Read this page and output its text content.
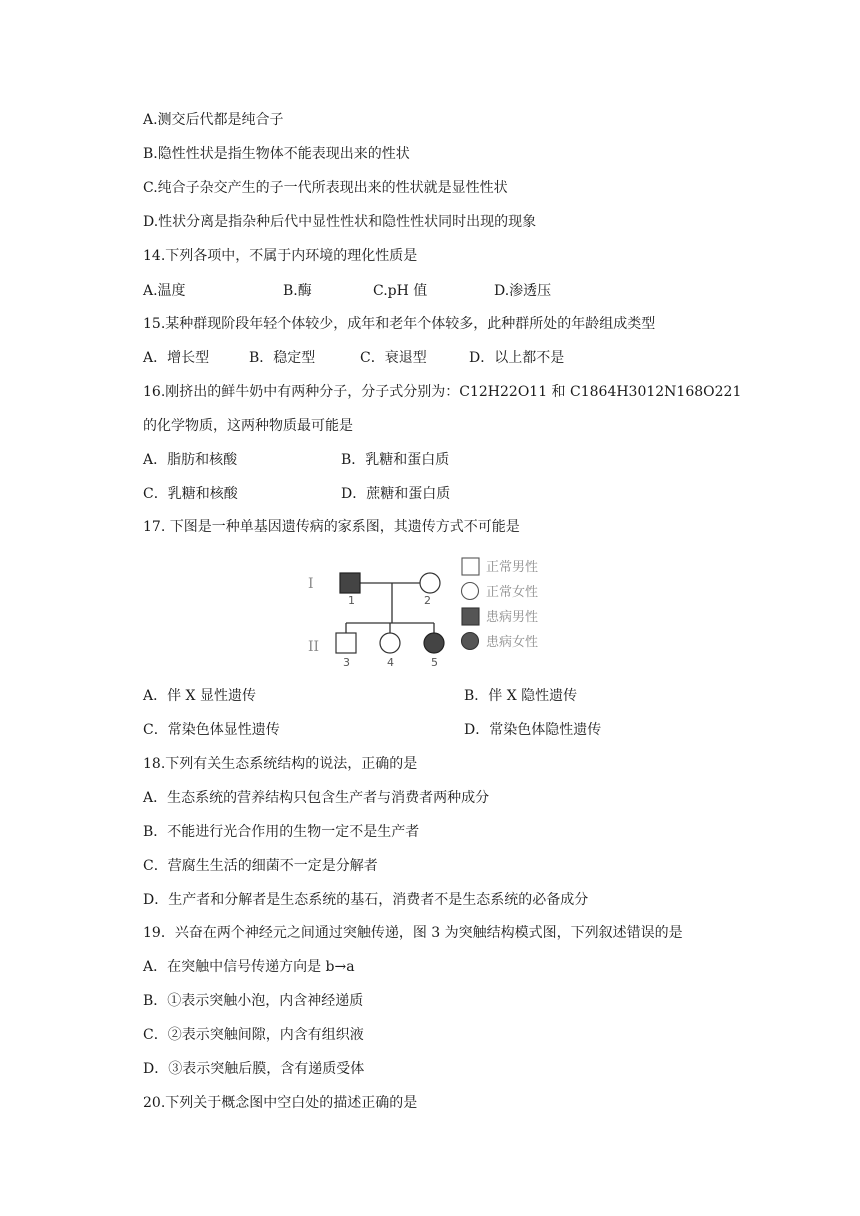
A.测交后代都是纯合子
B.隐性性状是指生物体不能表现出来的性状
C.纯合子杂交产生的子一代所表现出来的性状就是显性性状
D.性状分离是指杂种后代中显性性状和隐性性状同时出现的现象
14.下列各项中，不属于内环境的理化性质是
A.温度	B.酶	C.pH 值	D.渗透压
15.某种群现阶段年轻个体较少，成年和老年个体较多，此种群所处的年龄组成类型
A．增长型	B．稳定型	C．衰退型	D．以上都不是
16.刚挤出的鲜牛奶中有两种分子，分子式分别为：C12H22O11 和 C1864H3012N168O221
的化学物质，这两种物质最可能是
A．脂肪和核酸	B．乳糖和蛋白质
C．乳糖和核酸	D．蔗糖和蛋白质
17. 下图是一种单基因遗传病的家系图，其遗传方式不可能是
I
II
1	2
3	4	5
正常男性
正常女性
患病男性
患病女性
A．伴 X 显性遗传	B．伴 X 隐性遗传
C．常染色体显性遗传	D．常染色体隐性遗传
18.下列有关生态系统结构的说法，正确的是
A．生态系统的营养结构只包含生产者与消费者两种成分
B．不能进行光合作用的生物一定不是生产者
C．营腐生生活的细菌不一定是分解者
D．生产者和分解者是生态系统的基石，消费者不是生态系统的必备成分
19．兴奋在两个神经元之间通过突触传递，图 3 为突触结构模式图，下列叙述错误的是
A．在突触中信号传递方向是 b→a
B．①表示突触小泡，内含神经递质
C．②表示突触间隙，内含有组织液
D．③表示突触后膜，含有递质受体
20.下列关于概念图中空白处的描述正确的是
